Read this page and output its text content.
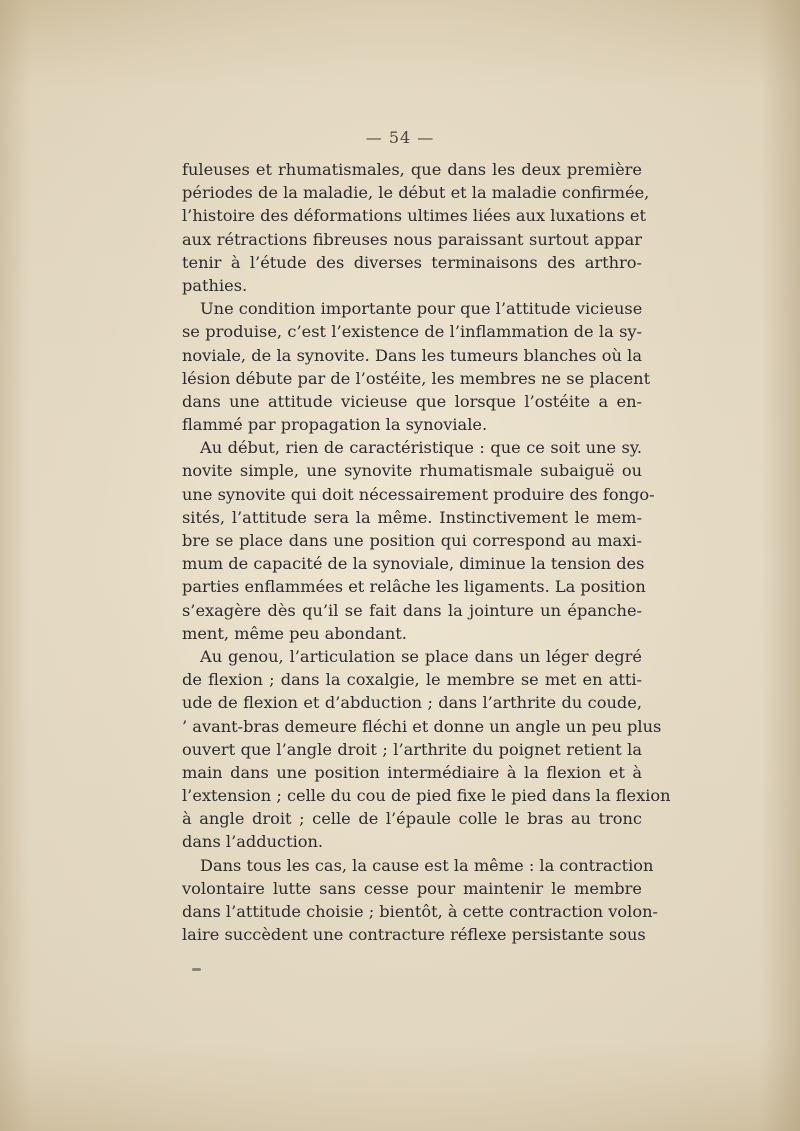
— 54 —
fuleuses et rhumatismales, que dans les deux première
périodes de la maladie, le début et la maladie confirmée,
l’histoire des déformations ultimes liées aux luxations et
aux rétractions fibreuses nous paraissant surtout appar
tenir à l’étude des diverses terminaisons des arthro-
pathies.
Une condition importante pour que l’attitude vicieuse
se produise, c’est l’existence de l’inflammation de la sy-
noviale, de la synovite. Dans les tumeurs blanches où la
lésion débute par de l’ostéite, les membres ne se placent
dans une attitude vicieuse que lorsque l’ostéite a en-
flammé par propagation la synoviale.
Au début, rien de caractéristique : que ce soit une sy.
novite simple, une synovite rhumatismale subaiguë ou
une synovite qui doit nécessairement produire des fongo-
sités, l’attitude sera la même. Instinctivement le mem-
bre se place dans une position qui correspond au maxi-
mum de capacité de la synoviale, diminue la tension des
parties enflammées et relâche les ligaments. La position
s’exagère dès qu’il se fait dans la jointure un épanche-
ment, même peu abondant.
Au genou, l’articulation se place dans un léger degré
de flexion ; dans la coxalgie, le membre se met en atti-
ude de flexion et d’abduction ; dans l’arthrite du coude,
’ avant-bras demeure fléchi et donne un angle un peu plus
ouvert que l’angle droit ; l’arthrite du poignet retient la
main dans une position intermédiaire à la flexion et à
l’extension ; celle du cou de pied fixe le pied dans la flexion
à angle droit ; celle de l’épaule colle le bras au tronc
dans l’adduction.
Dans tous les cas, la cause est la même : la contraction
volontaire lutte sans cesse pour maintenir le membre
dans l’attitude choisie ; bientôt, à cette contraction volon-
laire succèdent une contracture réflexe persistante sous
